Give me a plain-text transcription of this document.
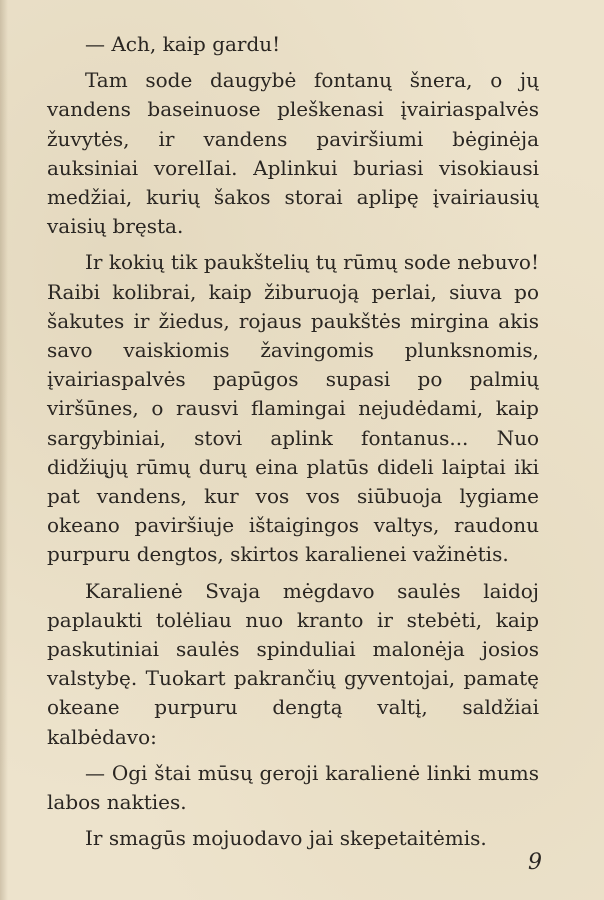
— Ach, kaip gardu!

Tam sode daugybė fontanų šnera, o jų vandens baseinuose pleškenasi įvairiaspalvės žuvytės, ir vandens paviršiumi bėginėja auksiniai vorelIai. Aplinkui buriasi visokiausi medžiai, kurių šakos storai aplipę įvairiausių vaisių bręsta.

Ir kokių tik paukštelių tų rūmų sode nebuvo! Raibi kolibrai, kaip žiburuoją perlai, siuva po šakutes ir žiedus, rojaus paukštės mirgina akis savo vaiskiomis žavingomis plunksnomis, įvairiaspalvės papūgos supasi po palmių viršūnes, o rausvi flamingai nejudėdami, kaip sargybiniai, stovi aplink fontanus... Nuo didžiųjų rūmų durų eina platūs dideli laiptai iki pat vandens, kur vos vos siūbuoja lygiame okeano paviršiuje ištaigingos valtys, raudonu purpuru dengtos, skirtos karalienei važinėtis.

Karalienė Svaja mėgdavo saulės laidoj paplaukti tolėliau nuo kranto ir stebėti, kaip paskutiniai saulės spinduliai malonėja josios valstybę. Tuokart pakrančių gyventojai, pamatę okeane purpuru dengtą valtį, saldžiai kalbėdavo:

— Ogi štai mūsų geroji karalienė linki mums labos nakties.

Ir smagūs mojuodavo jai skepetaitėmis.

9
